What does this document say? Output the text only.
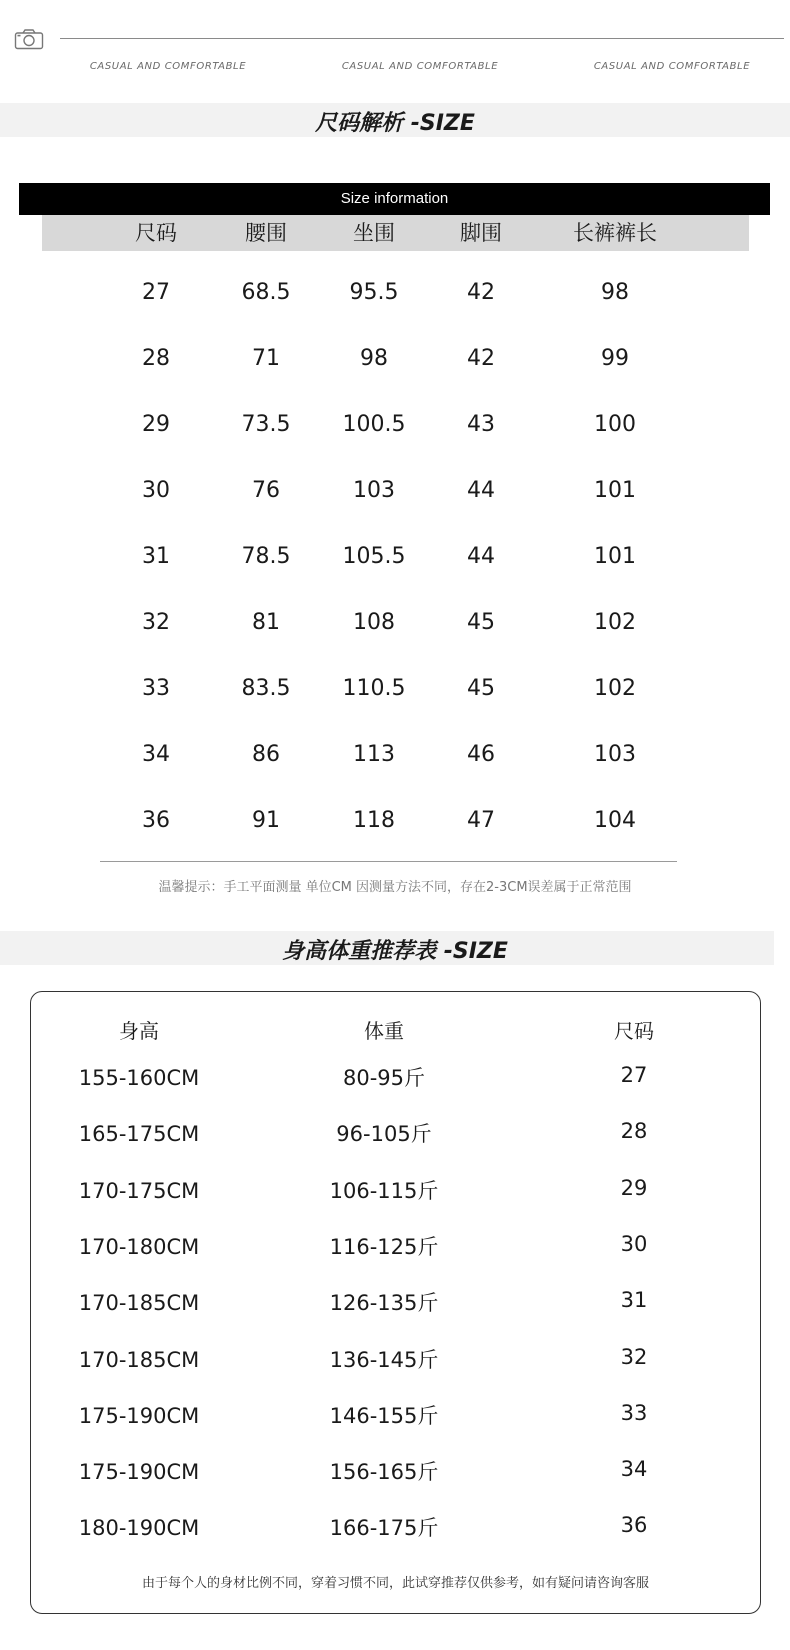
CASUAL AND COMFORTABLE	CASUAL AND COMFORTABLE	CASUAL AND COMFORTABLE
尺码解析 -SIZE
Size information
尺码	腰围	坐围	脚围	长裤裤长
27	68.5	95.5	42	98
28	71	98	42	99
29	73.5	100.5	43	100
30	76	103	44	101
31	78.5	105.5	44	101
32	81	108	45	102
33	83.5	110.5	45	102
34	86	113	46	103
36	91	118	47	104
温馨提示：手工平面测量 单位CM 因测量方法不同，存在2-3CM误差属于正常范围
身高体重推荐表 -SIZE
身高	体重	尺码
155-160CM	80-95斤	27
165-175CM	96-105斤	28
170-175CM	106-115斤	29
170-180CM	116-125斤	30
170-185CM	126-135斤	31
170-185CM	136-145斤	32
175-190CM	146-155斤	33
175-190CM	156-165斤	34
180-190CM	166-175斤	36
由于每个人的身材比例不同，穿着习惯不同，此试穿推荐仅供参考，如有疑问请咨询客服
